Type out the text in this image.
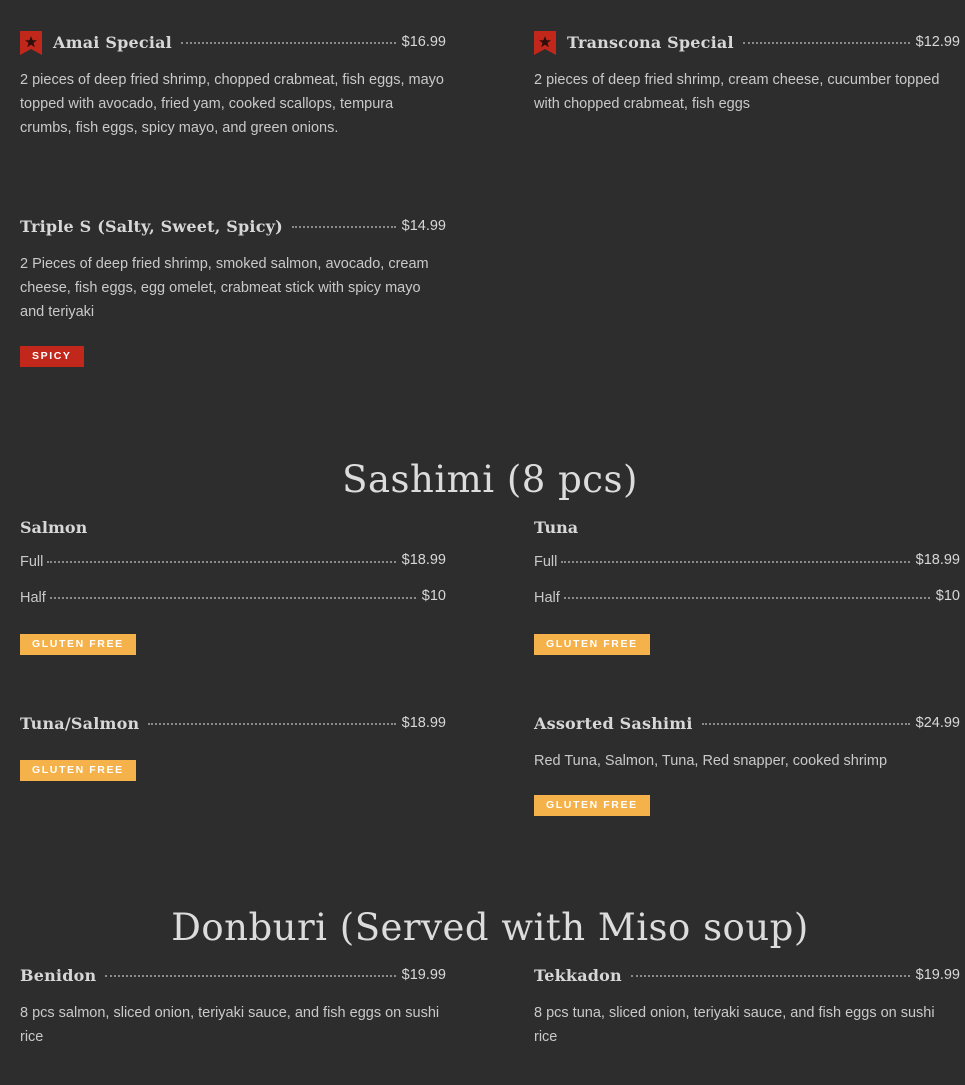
Amai Special	$16.99
2 pieces of deep fried shrimp, chopped crabmeat, fish eggs, mayo topped with avocado, fried yam, cooked scallops, tempura crumbs, fish eggs, spicy mayo, and green onions.
Transcona Special	$12.99
2 pieces of deep fried shrimp, cream cheese, cucumber topped with chopped crabmeat, fish eggs
Triple S (Salty, Sweet, Spicy)	$14.99
2 Pieces of deep fried shrimp, smoked salmon, avocado, cream cheese, fish eggs, egg omelet, crabmeat stick with spicy mayo and teriyaki
SPICY
Sashimi (8 pcs)
Salmon
Full	$18.99
Half	$10
GLUTEN FREE
Tuna
Full	$18.99
Half	$10
GLUTEN FREE
Tuna/Salmon	$18.99
GLUTEN FREE
Assorted Sashimi	$24.99
Red Tuna, Salmon, Tuna, Red snapper, cooked shrimp
GLUTEN FREE
Donburi (Served with Miso soup)
Benidon	$19.99
8 pcs salmon, sliced onion, teriyaki sauce, and fish eggs on sushi rice
Tekkadon	$19.99
8 pcs tuna, sliced onion, teriyaki sauce, and fish eggs on sushi rice
